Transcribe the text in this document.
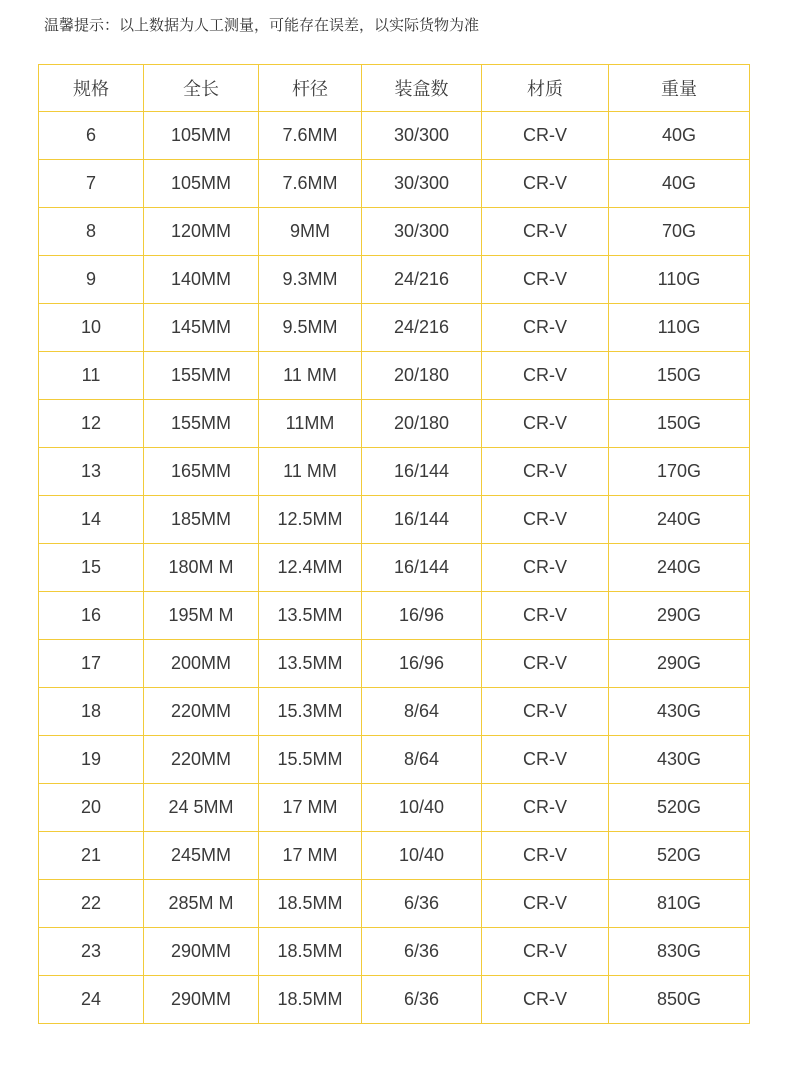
温馨提示：以上数据为人工测量，可能存在误差，以实际货物为准
规格	全长	杆径	装盒数	材质	重量
6	105MM	7.6MM	30/300	CR-V	40G
7	105MM	7.6MM	30/300	CR-V	40G
8	120MM	9MM	30/300	CR-V	70G
9	140MM	9.3MM	24/216	CR-V	110G
10	145MM	9.5MM	24/216	CR-V	110G
11	155MM	11 MM	20/180	CR-V	150G
12	155MM	11MM	20/180	CR-V	150G
13	165MM	11 MM	16/144	CR-V	170G
14	185MM	12.5MM	16/144	CR-V	240G
15	180M M	12.4MM	16/144	CR-V	240G
16	195M M	13.5MM	16/96	CR-V	290G
17	200MM	13.5MM	16/96	CR-V	290G
18	220MM	15.3MM	8/64	CR-V	430G
19	220MM	15.5MM	8/64	CR-V	430G
20	24 5MM	17 MM	10/40	CR-V	520G
21	245MM	17 MM	10/40	CR-V	520G
22	285M M	18.5MM	6/36	CR-V	810G
23	290MM	18.5MM	6/36	CR-V	830G
24	290MM	18.5MM	6/36	CR-V	850G
